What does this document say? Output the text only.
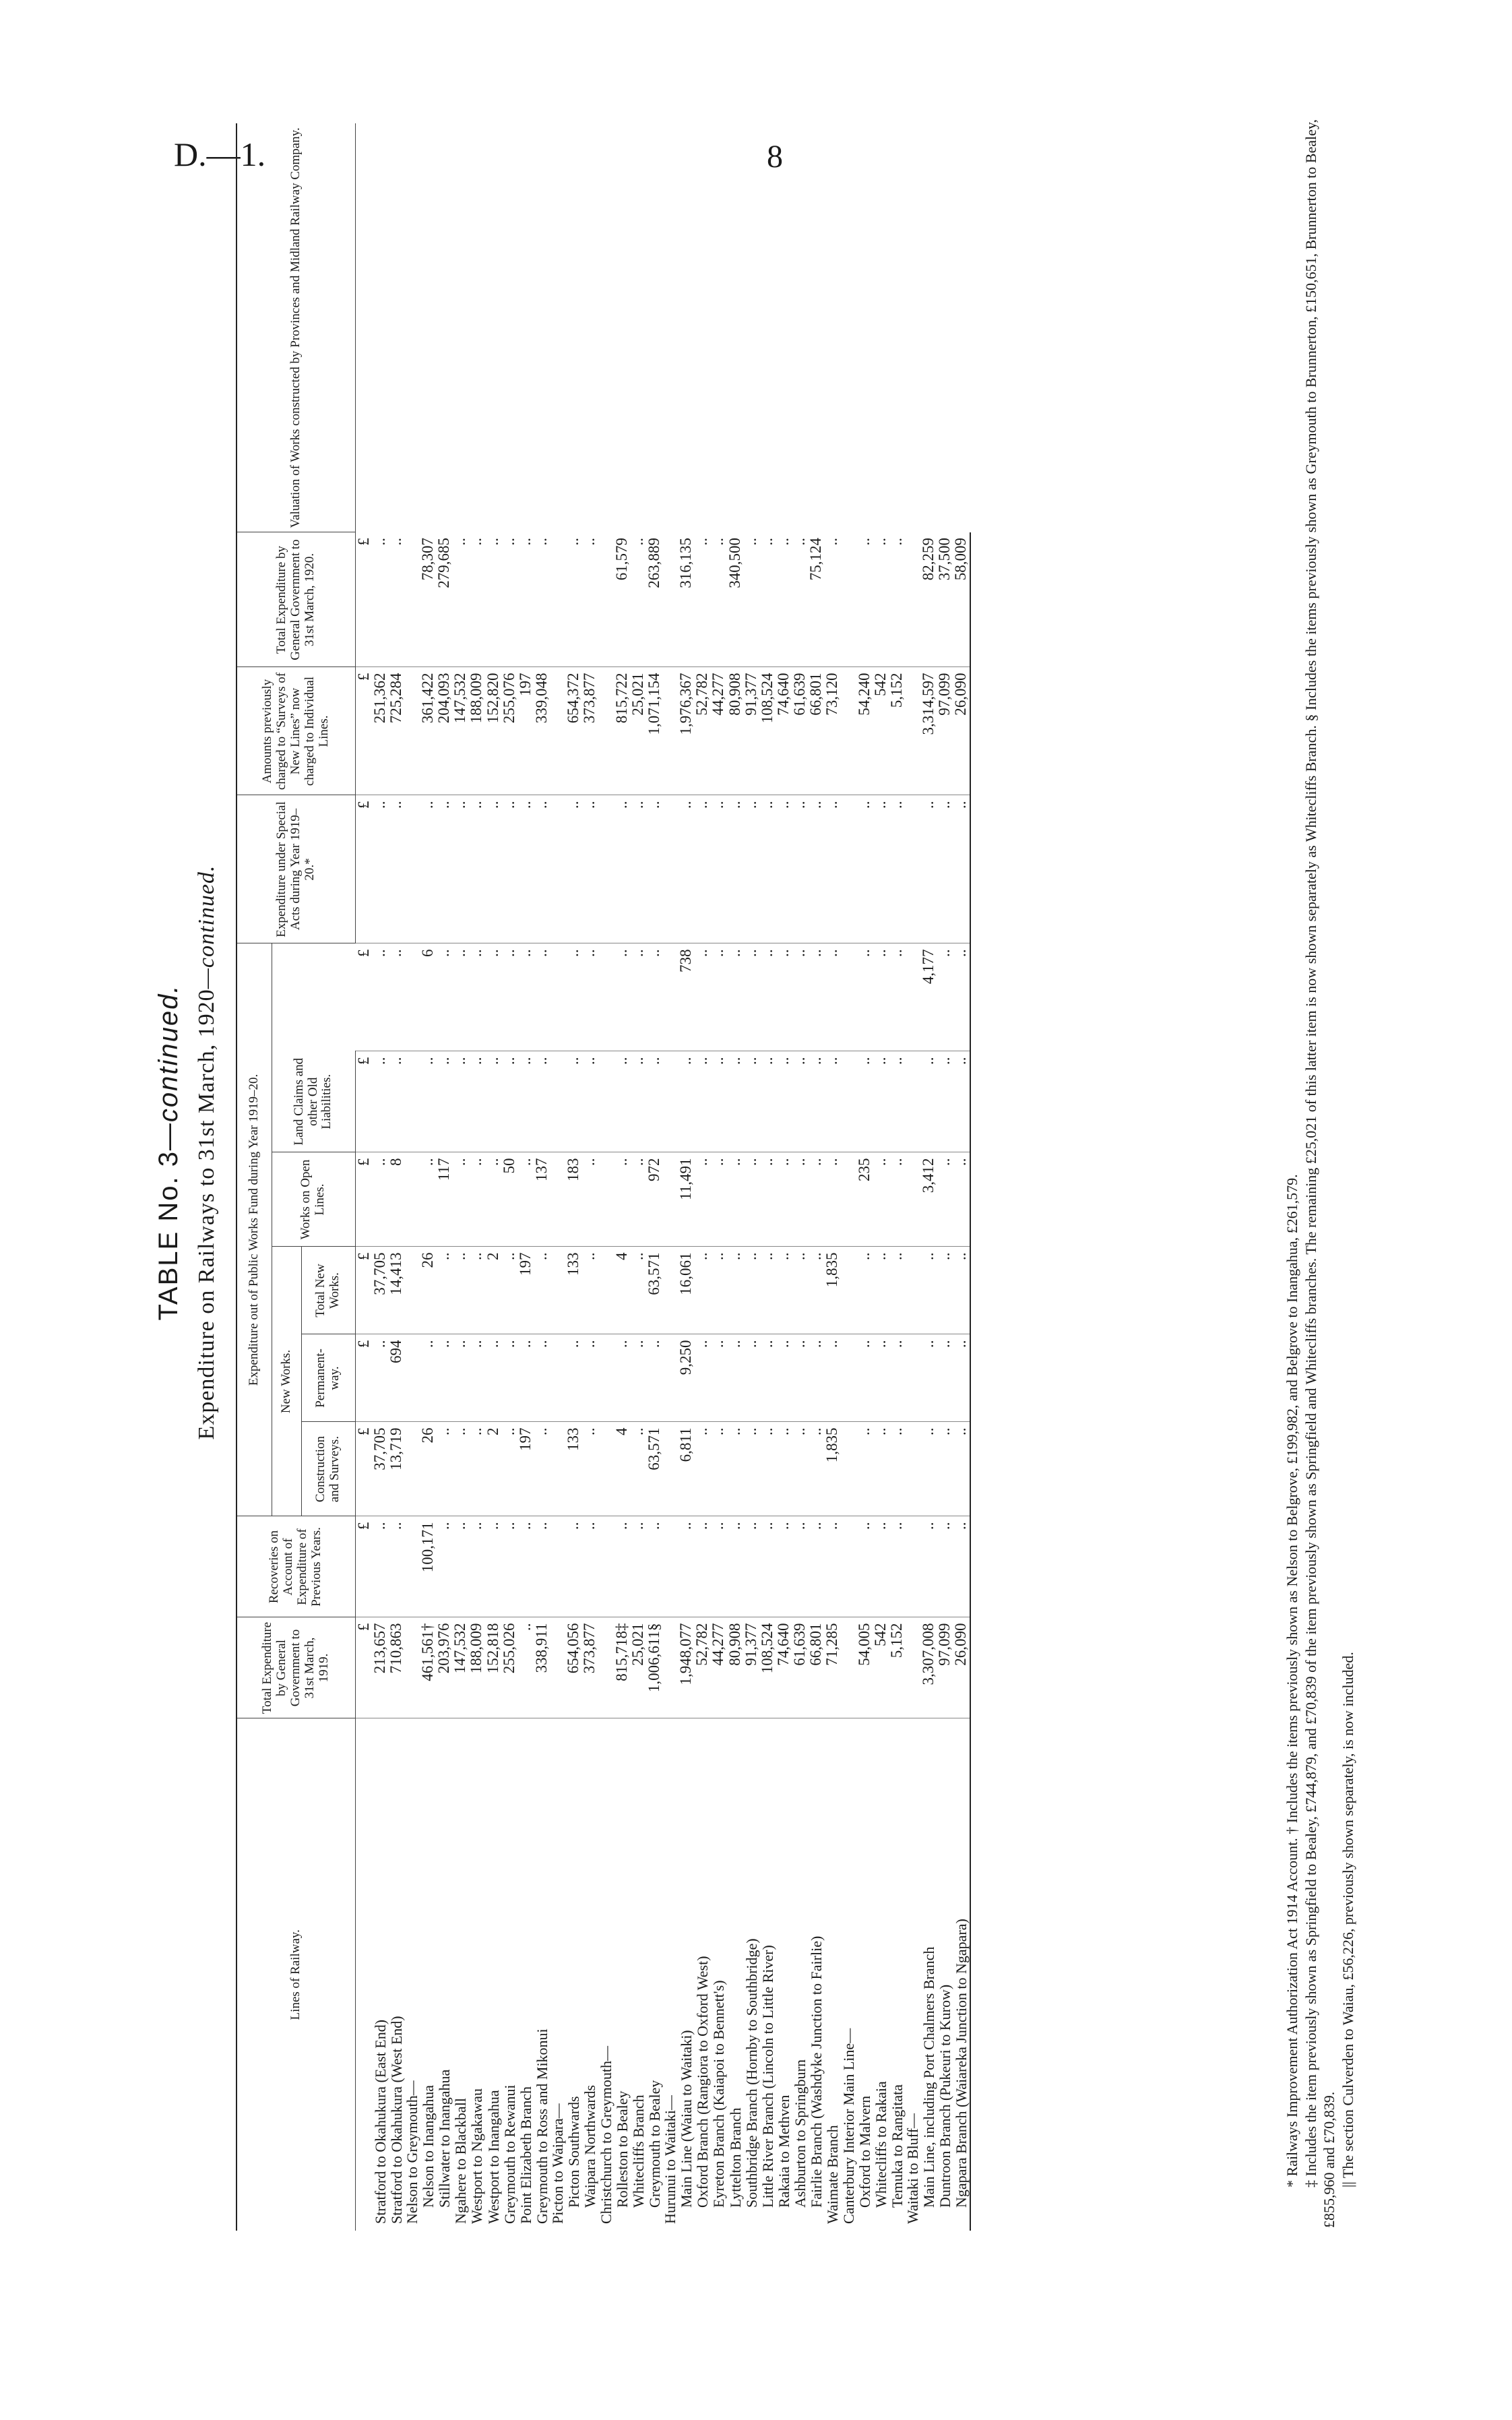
D.—1.	8
TABLE No. 3—continued. Expenditure on Railways to 31st March, 1920—continued.
Lines of Railway.	Total Expenditure by General Government to 31st March, 1919.	Recoveries on Account of Expenditure of Previous Years.	Expenditure out of Public Works Fund during Year 1919–20.						Expenditure under Special Acts during Year 1919–20.*	Amounts previously charged to “Surveys of New Lines” now charged to Individual Lines.	Total Expenditure by General Government to 31st March, 1920.	Valuation of Works constructed by Provinces and Midland Railway Company.
			New Works.			Works on Open Lines.	Land Claims and other Old Liabilities.					
			Construction and Surveys.	Permanent-way.	Total New Works.							
	£	£	£	£	£	£	£	£	£	£	£	
Stratford to Okahukura (East End)	213,657	..	37,705	..	37,705	..	..	..	..	251,362	..	
Stratford to Okahukura (West End)	710,863	..	13,719	694	14,413	8	..	..	..	725,284	..	
Nelson to Greymouth—												
Nelson to Inangahua	461,561†	100,171	26	..	26	..	..	6	..	361,422	78,307	
Stillwater to Inangahua	203,976	..	..	..	..	117	..	..	..	204,093	279,685	
Ngahere to Blackball	147,532	..	..	..	..	..	..	..	..	147,532	..	
Westport to Ngakawau	188,009	..	..	..	..	..	..	..	..	188,009	..	
Westport to Inangahua	152,818	..	2	..	2	..	..	..	..	152,820	..	
Greymouth to Rewanui	255,026	..	..	..	..	50	..	..	..	255,076	..	
Point Elizabeth Branch	..	..	197	..	197	..	..	..	..	197	..	
Greymouth to Ross and Mikonui	338,911	..	..	..	..	137	..	..	..	339,048	..	
Picton to Waipara—												
Picton Southwards	654,056	..	133	..	133	183	..	..	..	654,372	..	
Waipara Northwards	373,877	..	..	..	..	..	..	..	..	373,877	..	
Christchurch to Greymouth—												
Rolleston to Bealey	815,718‡	..	4	..	4	..	..	..	..	815,722	61,579	
Whitecliffs Branch	25,021	..	..	..	..	..	..	..	..	25,021	..	
Greymouth to Bealey	1,006,611§	..	63,571	..	63,571	972	..	..	..	1,071,154	263,889	
Hurunui to Waitaki—												
Main Line (Waiau to Waitaki)	1,948,077	..	6,811	9,250	16,061	11,491	..	738	..	1,976,367	316,135	
Oxford Branch (Rangiora to Oxford West)	52,782	..	..	..	..	..	..	..	..	52,782	..	
Eyreton Branch (Kaiapoi to Bennett's)	44,277	..	..	..	..	..	..	..	..	44,277	..	
Lyttelton Branch	80,908	..	..	..	..	..	..	..	..	80,908	340,500	
Southbridge Branch (Hornby to Southbridge)	91,377	..	..	..	..	..	..	..	..	91,377	..	
Little River Branch (Lincoln to Little River)	108,524	..	..	..	..	..	..	..	..	108,524	..	
Rakaia to Methven	74,640	..	..	..	..	..	..	..	..	74,640	..	
Ashburton to Springburn	61,639	..	..	..	..	..	..	..	..	61,639	..	
Fairlie Branch (Washdyke Junction to Fairlie)	66,801	..	..	..	..	..	..	..	..	66,801	75,124	
Waimate Branch	71,285	..	1,835	..	1,835	..	..	..	..	73,120	..	
Canterbury Interior Main Line—												
Oxford to Malvern	54,005	..	..	..	..	235	..	..	..	54,240	..	
Whitecliffs to Rakaia	542	..	..	..	..	..	..	..	..	542	..	
Temuka to Rangitata	5,152	..	..	..	..	..	..	..	..	5,152	..	
Waitaki to Bluff—												
Main Line, including Port Chalmers Branch	3,307,008	..	..	..	..	3,412	..	4,177	..	3,314,597	82,259	
Duntroon Branch (Pukeuri to Kurow)	97,099	..	..	..	..	..	..	..	..	97,099	37,500	
Ngapara Branch (Waiareka Junction to Ngapara)	26,090	..	..	..	..	..	..	..	..	26,090	58,009	
* Railways Improvement Authorization Act 1914 Account. † Includes the items previously shown as Nelson to Belgrove, £199,982, and Belgrove to Inangahua, £261,579. ‡ Includes the item previously shown as Springfield to Bealey, £744,879, and £70,839 of the item previously shown as Springfield and Whitecliffs branches. The remaining £25,021 of this latter item is now shown separately as Whitecliffs Branch. § Includes the items previously shown as Greymouth to Brunnerton, £150,651, Brunnerton to Bealey, £855,960 and £70,839. || The section Culverden to Waiau, £56,226, previously shown separately, is now included.
